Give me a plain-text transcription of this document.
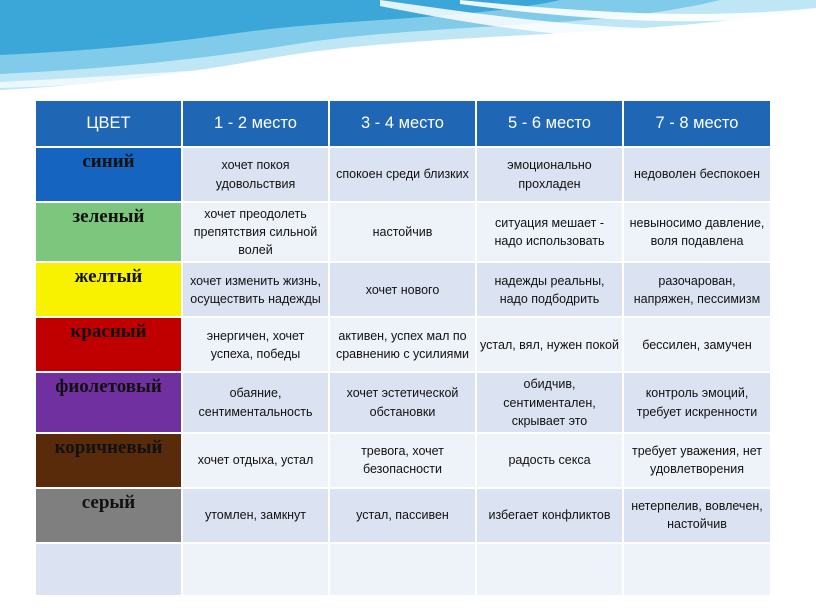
ЦВЕТ	1 - 2 место	3 - 4 место	5 - 6 место	7 - 8 место
синий	хочет покоя удовольствия	спокоен среди близких	эмоционально прохладен	недоволен беспокоен
зеленый	хочет преодолеть препятствия сильной волей	настойчив	ситуация мешает - надо использовать	невыносимо давление, воля подавлена
желтый	хочет изменить жизнь, осуществить надежды	хочет нового	надежды реальны, надо подбодрить	разочарован, напряжен, пессимизм
красный	энергичен, хочет успеха, победы	активен, успех мал по сравнению с усилиями	устал, вял, нужен покой	бессилен, замучен
фиолетовый	обаяние, сентиментальность	хочет эстетической обстановки	обидчив, сентиментален, скрывает это	контроль эмоций, требует искренности
коричневый	хочет отдыха, устал	тревога, хочет безопасности	радость секса	требует уважения, нет удовлетворения
серый	утомлен, замкнут	устал, пассивен	избегает конфликтов	нетерпелив, вовлечен, настойчив
